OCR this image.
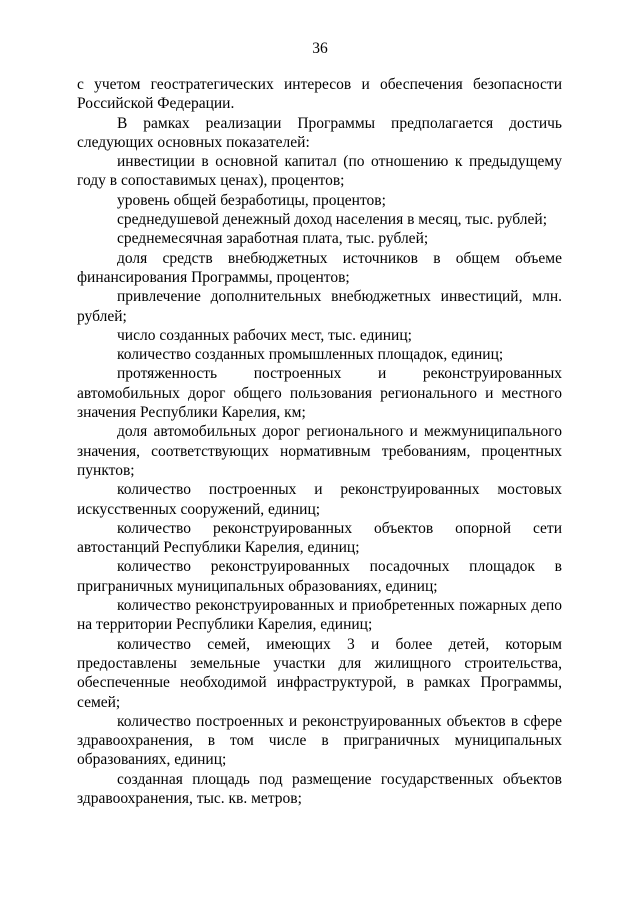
36

с учетом геостратегических интересов и обеспечения безопасности Российской Федерации.

В рамках реализации Программы предполагается достичь следующих основных показателей:

инвестиции в основной капитал (по отношению к предыдущему году в сопоставимых ценах), процентов;

уровень общей безработицы, процентов;

среднедушевой денежный доход населения в месяц, тыс. рублей;

среднемесячная заработная плата, тыс. рублей;

доля средств внебюджетных источников в общем объеме финансирования Программы, процентов;

привлечение дополнительных внебюджетных инвестиций, млн. рублей;

число созданных рабочих мест, тыс. единиц;

количество созданных промышленных площадок, единиц;

протяженность построенных и реконструированных автомобильных дорог общего пользования регионального и местного значения Республики Карелия, км;

доля автомобильных дорог регионального и межмуниципального значения, соответствующих нормативным требованиям, процентных пунктов;

количество построенных и реконструированных мостовых искусственных сооружений, единиц;

количество реконструированных объектов опорной сети автостанций Республики Карелия, единиц;

количество реконструированных посадочных площадок в приграничных муниципальных образованиях, единиц;

количество реконструированных и приобретенных пожарных депо на территории Республики Карелия, единиц;

количество семей, имеющих 3 и более детей, которым предоставлены земельные участки для жилищного строительства, обеспеченные необходимой инфраструктурой, в рамках Программы, семей;

количество построенных и реконструированных объектов в сфере здравоохранения, в том числе в приграничных муниципальных образованиях, единиц;

созданная площадь под размещение государственных объектов здравоохранения, тыс. кв. метров;
